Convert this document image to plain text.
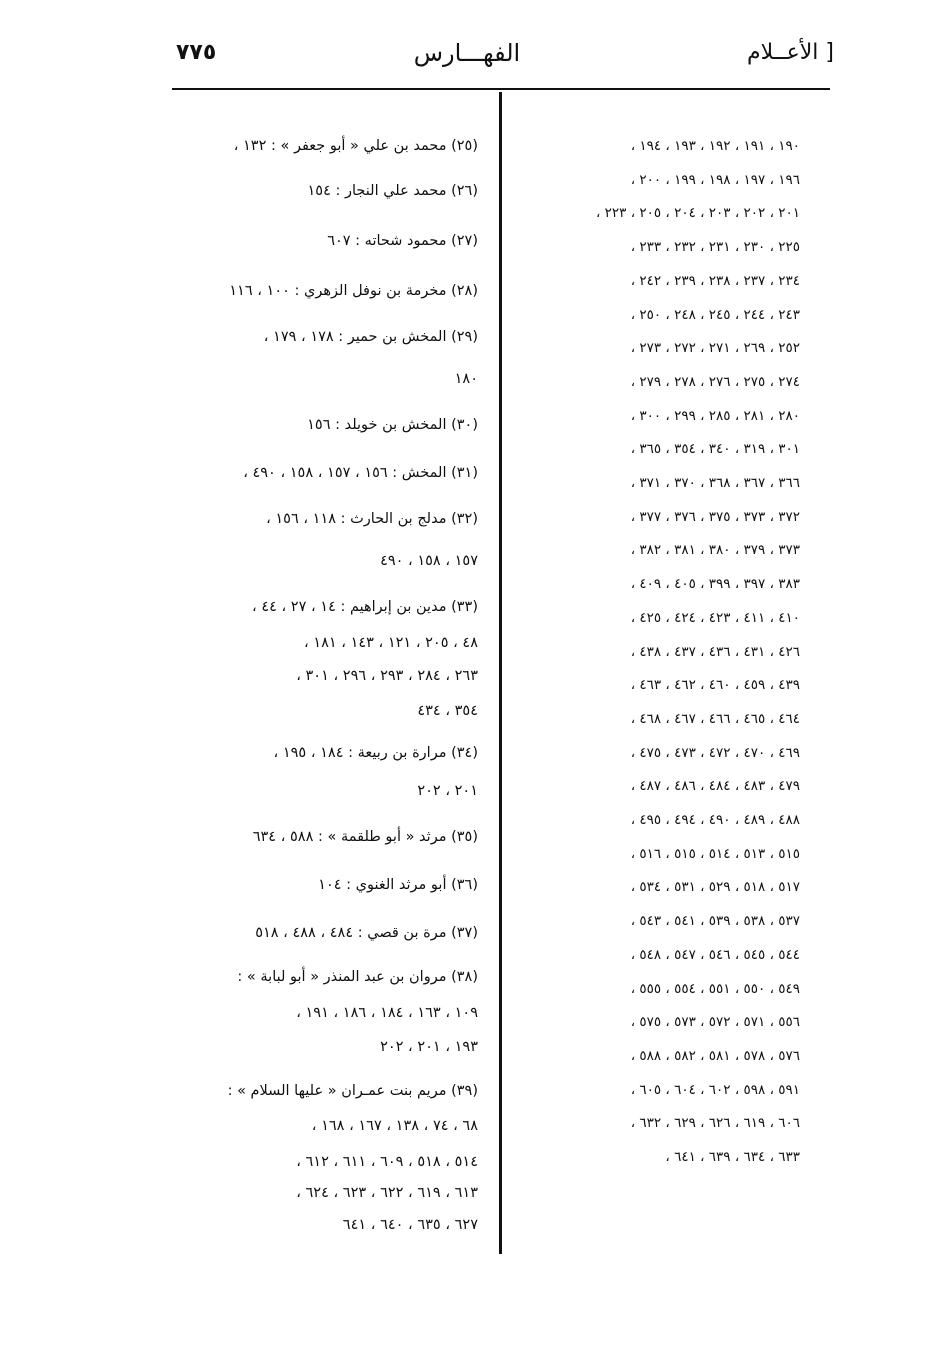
٧٧٥	الفهـــارس	الأعــلام ]
١٩٠ ، ١٩١ ، ١٩٢ ، ١٩٣ ، ١٩٤ ،
١٩٦ ، ١٩٧ ، ١٩٨ ، ١٩٩ ، ٢٠٠ ،
٢٠١ ، ٢٠٢ ، ٢٠٣ ، ٢٠٤ ، ٢٠٥ ، ٢٢٣ ،
٢٢٥ ، ٢٣٠ ، ٢٣١ ، ٢٣٢ ، ٢٣٣ ،
٢٣٤ ، ٢٣٧ ، ٢٣٨ ، ٢٣٩ ، ٢٤٢ ،
٢٤٣ ، ٢٤٤ ، ٢٤٥ ، ٢٤٨ ، ٢٥٠ ،
٢٥٢ ، ٢٦٩ ، ٢٧١ ، ٢٧٢ ، ٢٧٣ ،
٢٧٤ ، ٢٧٥ ، ٢٧٦ ، ٢٧٨ ، ٢٧٩ ،
٢٨٠ ، ٢٨١ ، ٢٨٥ ، ٢٩٩ ، ٣٠٠ ،
٣٠١ ، ٣١٩ ، ٣٤٠ ، ٣٥٤ ، ٣٦٥ ،
٣٦٦ ، ٣٦٧ ، ٣٦٨ ، ٣٧٠ ، ٣٧١ ،
٣٧٢ ، ٣٧٣ ، ٣٧٥ ، ٣٧٦ ، ٣٧٧ ،
٣٧٣ ، ٣٧٩ ، ٣٨٠ ، ٣٨١ ، ٣٨٢ ،
٣٨٣ ، ٣٩٧ ، ٣٩٩ ، ٤٠٥ ، ٤٠٩ ،
٤١٠ ، ٤١١ ، ٤٢٣ ، ٤٢٤ ، ٤٢٥ ،
٤٢٦ ، ٤٣١ ، ٤٣٦ ، ٤٣٧ ، ٤٣٨ ،
٤٣٩ ، ٤٥٩ ، ٤٦٠ ، ٤٦٢ ، ٤٦٣ ،
٤٦٤ ، ٤٦٥ ، ٤٦٦ ، ٤٦٧ ، ٤٦٨ ،
٤٦٩ ، ٤٧٠ ، ٤٧٢ ، ٤٧٣ ، ٤٧٥ ،
٤٧٩ ، ٤٨٣ ، ٤٨٤ ، ٤٨٦ ، ٤٨٧ ،
٤٨٨ ، ٤٨٩ ، ٤٩٠ ، ٤٩٤ ، ٤٩٥ ،
٥١٥ ، ٥١٣ ، ٥١٤ ، ٥١٥ ، ٥١٦ ،
٥١٧ ، ٥١٨ ، ٥٢٩ ، ٥٣١ ، ٥٣٤ ،
٥٣٧ ، ٥٣٨ ، ٥٣٩ ، ٥٤١ ، ٥٤٣ ،
٥٤٤ ، ٥٤٥ ، ٥٤٦ ، ٥٤٧ ، ٥٤٨ ،
٥٤٩ ، ٥٥٠ ، ٥٥١ ، ٥٥٤ ، ٥٥٥ ،
٥٥٦ ، ٥٧١ ، ٥٧٢ ، ٥٧٣ ، ٥٧٥ ،
٥٧٦ ، ٥٧٨ ، ٥٨١ ، ٥٨٢ ، ٥٨٨ ،
٥٩١ ، ٥٩٨ ، ٦٠٢ ، ٦٠٤ ، ٦٠٥ ،
٦٠٦ ، ٦١٩ ، ٦٢٦ ، ٦٢٩ ، ٦٣٢ ،
٦٣٣ ، ٦٣٤ ، ٦٣٩ ، ٦٤١ ،
(٢٥) محمد بن علي « أبو جعفر » : ١٣٢ ،
(٢٦) محمد علي النجار : ١٥٤
(٢٧) محمود شحاته : ٦٠٧
(٢٨) مخرمة بن نوفل الزهري : ١٠٠ ، ١١٦
(٢٩) المخش بن حمير : ١٧٨ ، ١٧٩ ،
١٨٠
(٣٠) المخش بن خويلد : ١٥٦
(٣١) المخش : ١٥٦ ، ١٥٧ ، ١٥٨ ، ٤٩٠ ،
(٣٢) مدلج بن الحارث : ١١٨ ، ١٥٦ ،
١٥٧ ، ١٥٨ ، ٤٩٠
(٣٣) مدين بن إبراهيم : ١٤ ، ٢٧ ، ٤٤ ،
٤٨ ، ٢٠٥ ، ١٢١ ، ١٤٣ ، ١٨١ ،
٢٦٣ ، ٢٨٤ ، ٢٩٣ ، ٢٩٦ ، ٣٠١ ،
٣٥٤ ، ٤٣٤
(٣٤) مرارة بن ربيعة : ١٨٤ ، ١٩٥ ،
٢٠١ ، ٢٠٢
(٣٥) مرثد « أبو طلقمة » : ٥٨٨ ، ٦٣٤
(٣٦) أبو مرثد الغنوي : ١٠٤
(٣٧) مرة بن قصي : ٤٨٤ ، ٤٨٨ ، ٥١٨
(٣٨) مروان بن عبد المنذر « أبو لبابة » :
١٠٩ ، ١٦٣ ، ١٨٤ ، ١٨٦ ، ١٩١ ،
١٩٣ ، ٢٠١ ، ٢٠٢
(٣٩) مريم بنت عمـران « عليها السلام » :
٦٨ ، ٧٤ ، ١٣٨ ، ١٦٧ ، ١٦٨ ،
٥١٤ ، ٥١٨ ، ٦٠٩ ، ٦١١ ، ٦١٢ ،
٦١٣ ، ٦١٩ ، ٦٢٢ ، ٦٢٣ ، ٦٢٤ ،
٦٢٧ ، ٦٣٥ ، ٦٤٠ ، ٦٤١
